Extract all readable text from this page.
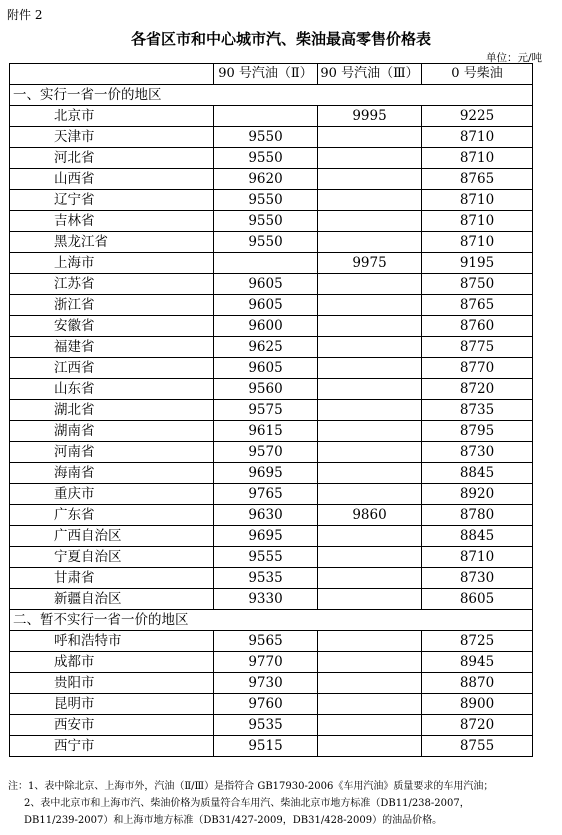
附件 2
各省区市和中心城市汽、柴油最高零售价格表
单位：元/吨
	90 号汽油（Ⅱ）	90 号汽油（Ⅲ）	0 号柴油
一、实行一省一价的地区			
北京市		9995	9225
天津市	9550		8710
河北省	9550		8710
山西省	9620		8765
辽宁省	9550		8710
吉林省	9550		8710
黑龙江省	9550		8710
上海市		9975	9195
江苏省	9605		8750
浙江省	9605		8765
安徽省	9600		8760
福建省	9625		8775
江西省	9605		8770
山东省	9560		8720
湖北省	9575		8735
湖南省	9615		8795
河南省	9570		8730
海南省	9695		8845
重庆市	9765		8920
广东省	9630	9860	8780
广西自治区	9695		8845
宁夏自治区	9555		8710
甘肃省	9535		8730
新疆自治区	9330		8605
二、暂不实行一省一价的地区			
呼和浩特市	9565		8725
成都市	9770		8945
贵阳市	9730		8870
昆明市	9760		8900
西安市	9535		8720
西宁市	9515		8755
注：1、表中除北京、上海市外，汽油（Ⅱ/Ⅲ）是指符合 GB17930-2006《车用汽油》质量要求的车用汽油；
2、表中北京市和上海市汽、柴油价格为质量符合车用汽、柴油北京市地方标准（DB11/238-2007，
DB11/239-2007）和上海市地方标准（DB31/427-2009，DB31/428-2009）的油品价格。
